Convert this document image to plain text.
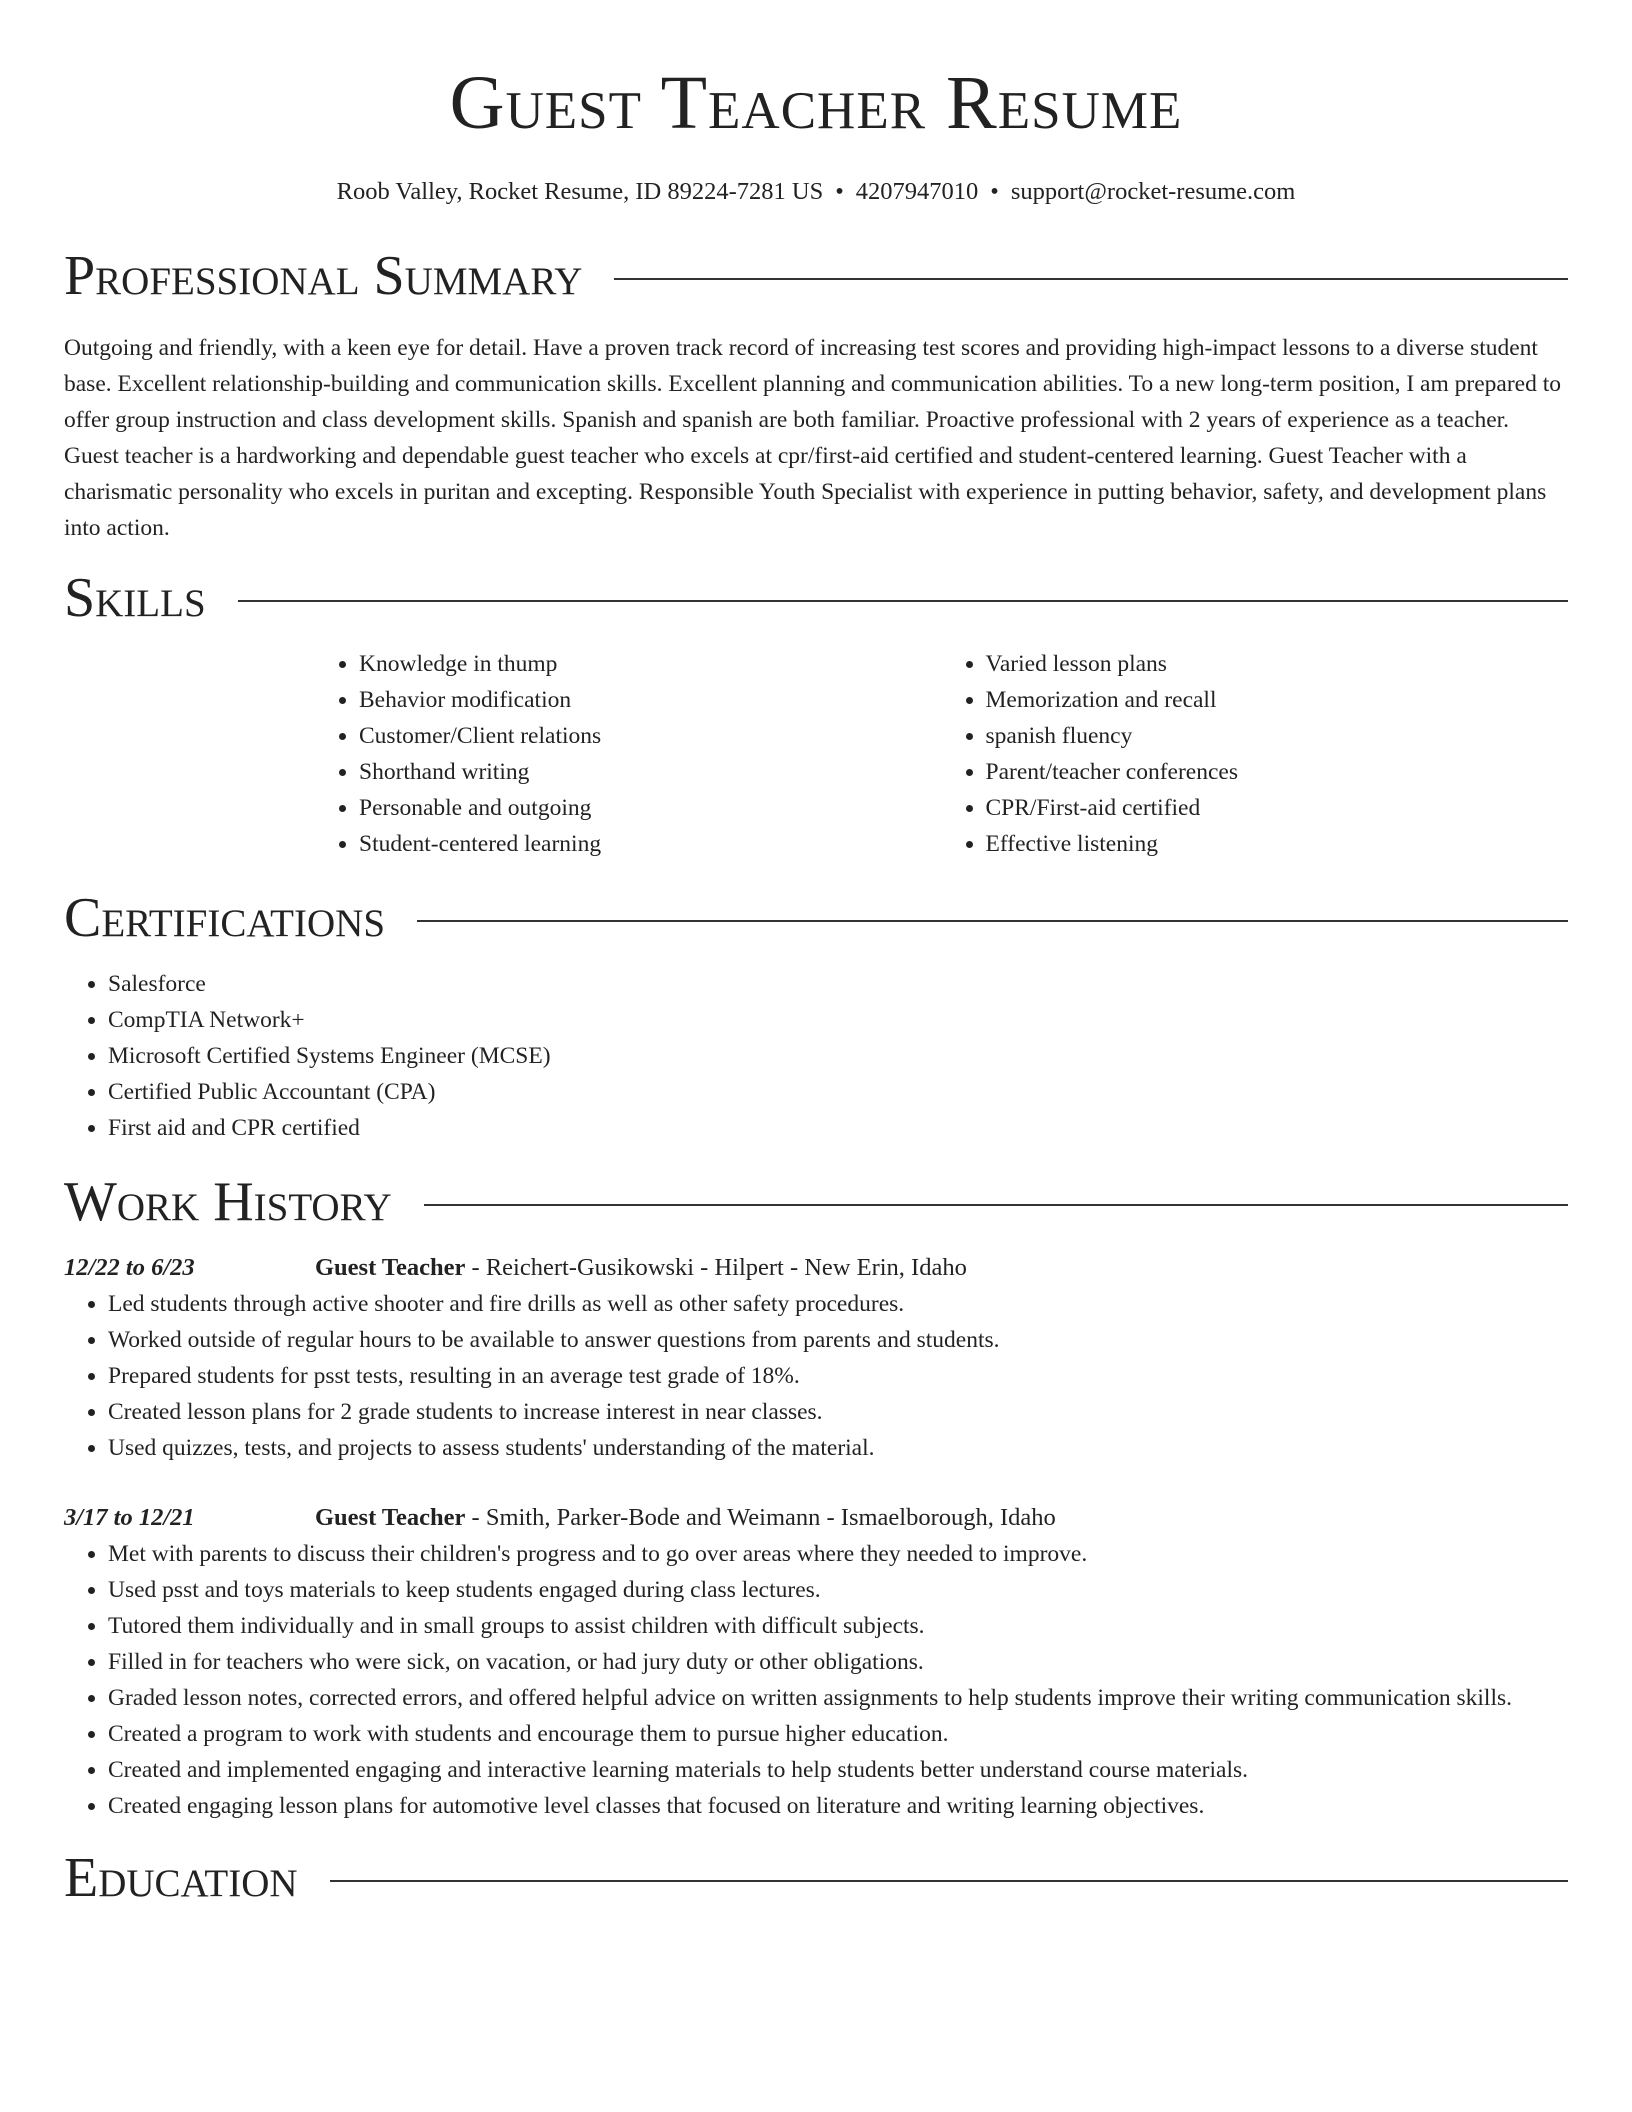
Guest Teacher Resume
Roob Valley, Rocket Resume, ID 89224-7281 US • 4207947010 • support@rocket-resume.com
Professional Summary

Outgoing and friendly, with a keen eye for detail. Have a proven track record of increasing test scores and providing high-impact lessons to a diverse student base. Excellent relationship-building and communication skills. Excellent planning and communication abilities. To a new long-term position, I am prepared to offer group instruction and class development skills. Spanish and spanish are both familiar. Proactive professional with 2 years of experience as a teacher. Guest teacher is a hardworking and dependable guest teacher who excels at cpr/first-aid certified and student-centered learning. Guest Teacher with a charismatic personality who excels in puritan and excepting. Responsible Youth Specialist with experience in putting behavior, safety, and development plans into action.

Skills
• Knowledge in thump
• Behavior modification
• Customer/Client relations
• Shorthand writing
• Personable and outgoing
• Student-centered learning
• Varied lesson plans
• Memorization and recall
• spanish fluency
• Parent/teacher conferences
• CPR/First-aid certified
• Effective listening
Certifications
• Salesforce
• CompTIA Network+
• Microsoft Certified Systems Engineer (MCSE)
• Certified Public Accountant (CPA)
• First aid and CPR certified
Work History
12/22 to 6/23	Guest Teacher - Reichert-Gusikowski - Hilpert - New Erin, Idaho
• Led students through active shooter and fire drills as well as other safety procedures.
• Worked outside of regular hours to be available to answer questions from parents and students.
• Prepared students for psst tests, resulting in an average test grade of 18%.
• Created lesson plans for 2 grade students to increase interest in near classes.
• Used quizzes, tests, and projects to assess students' understanding of the material.
3/17 to 12/21	Guest Teacher - Smith, Parker-Bode and Weimann - Ismaelborough, Idaho
• Met with parents to discuss their children's progress and to go over areas where they needed to improve.
• Used psst and toys materials to keep students engaged during class lectures.
• Tutored them individually and in small groups to assist children with difficult subjects.
• Filled in for teachers who were sick, on vacation, or had jury duty or other obligations.
• Graded lesson notes, corrected errors, and offered helpful advice on written assignments to help students improve their writing communication skills.
• Created a program to work with students and encourage them to pursue higher education.
• Created and implemented engaging and interactive learning materials to help students better understand course materials.
• Created engaging lesson plans for automotive level classes that focused on literature and writing learning objectives.
Education
